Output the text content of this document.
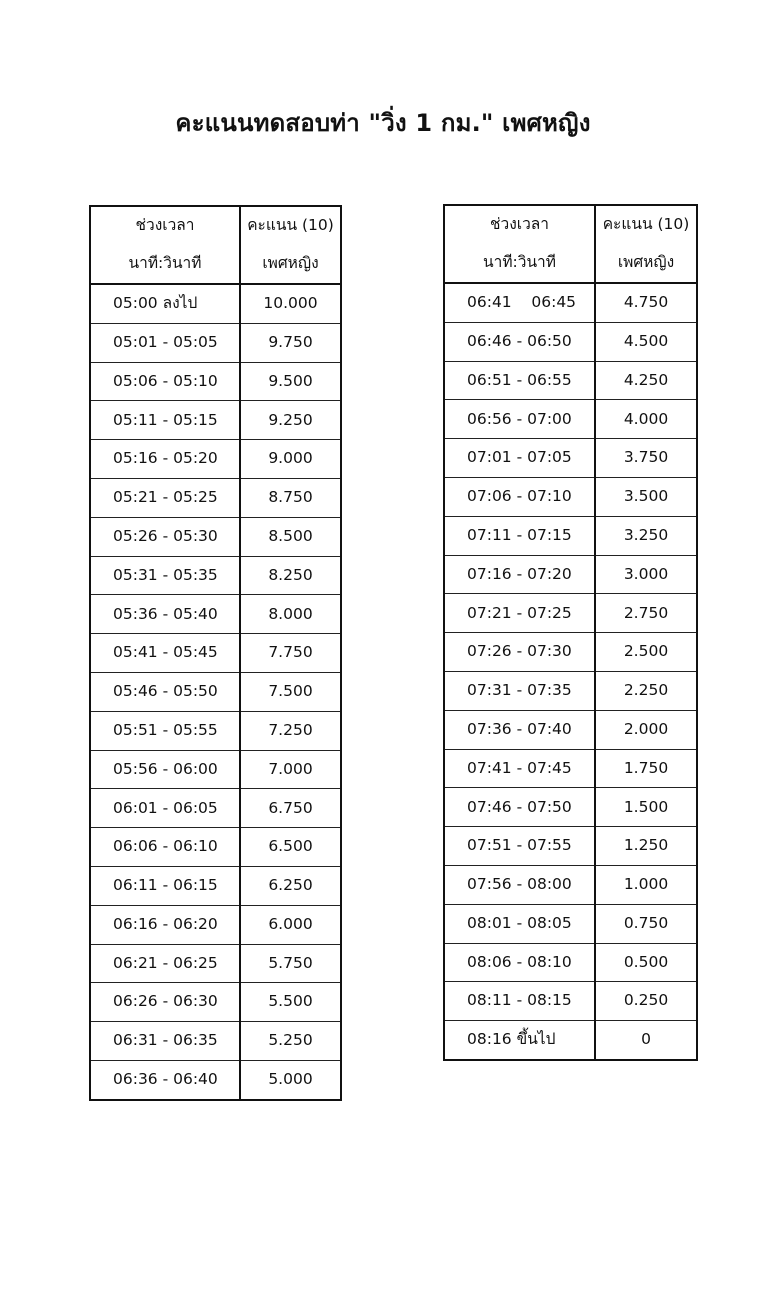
คะแนนทดสอบท่า "วิ่ง 1 กม." เพศหญิง
ช่วงเวลา	คะแนน (10)
นาที:วินาที	เพศหญิง
05:00 ลงไป	10.000
05:01 - 05:05	9.750
05:06 - 05:10	9.500
05:11 - 05:15	9.250
05:16 - 05:20	9.000
05:21 - 05:25	8.750
05:26 - 05:30	8.500
05:31 - 05:35	8.250
05:36 - 05:40	8.000
05:41 - 05:45	7.750
05:46 - 05:50	7.500
05:51 - 05:55	7.250
05:56 - 06:00	7.000
06:01 - 06:05	6.750
06:06 - 06:10	6.500
06:11 - 06:15	6.250
06:16 - 06:20	6.000
06:21 - 06:25	5.750
06:26 - 06:30	5.500
06:31 - 06:35	5.250
06:36 - 06:40	5.000
ช่วงเวลา	คะแนน (10)
นาที:วินาที	เพศหญิง
06:41    06:45	4.750
06:46 - 06:50	4.500
06:51 - 06:55	4.250
06:56 - 07:00	4.000
07:01 - 07:05	3.750
07:06 - 07:10	3.500
07:11 - 07:15	3.250
07:16 - 07:20	3.000
07:21 - 07:25	2.750
07:26 - 07:30	2.500
07:31 - 07:35	2.250
07:36 - 07:40	2.000
07:41 - 07:45	1.750
07:46 - 07:50	1.500
07:51 - 07:55	1.250
07:56 - 08:00	1.000
08:01 - 08:05	0.750
08:06 - 08:10	0.500
08:11 - 08:15	0.250
08:16 ขึ้นไป	0
